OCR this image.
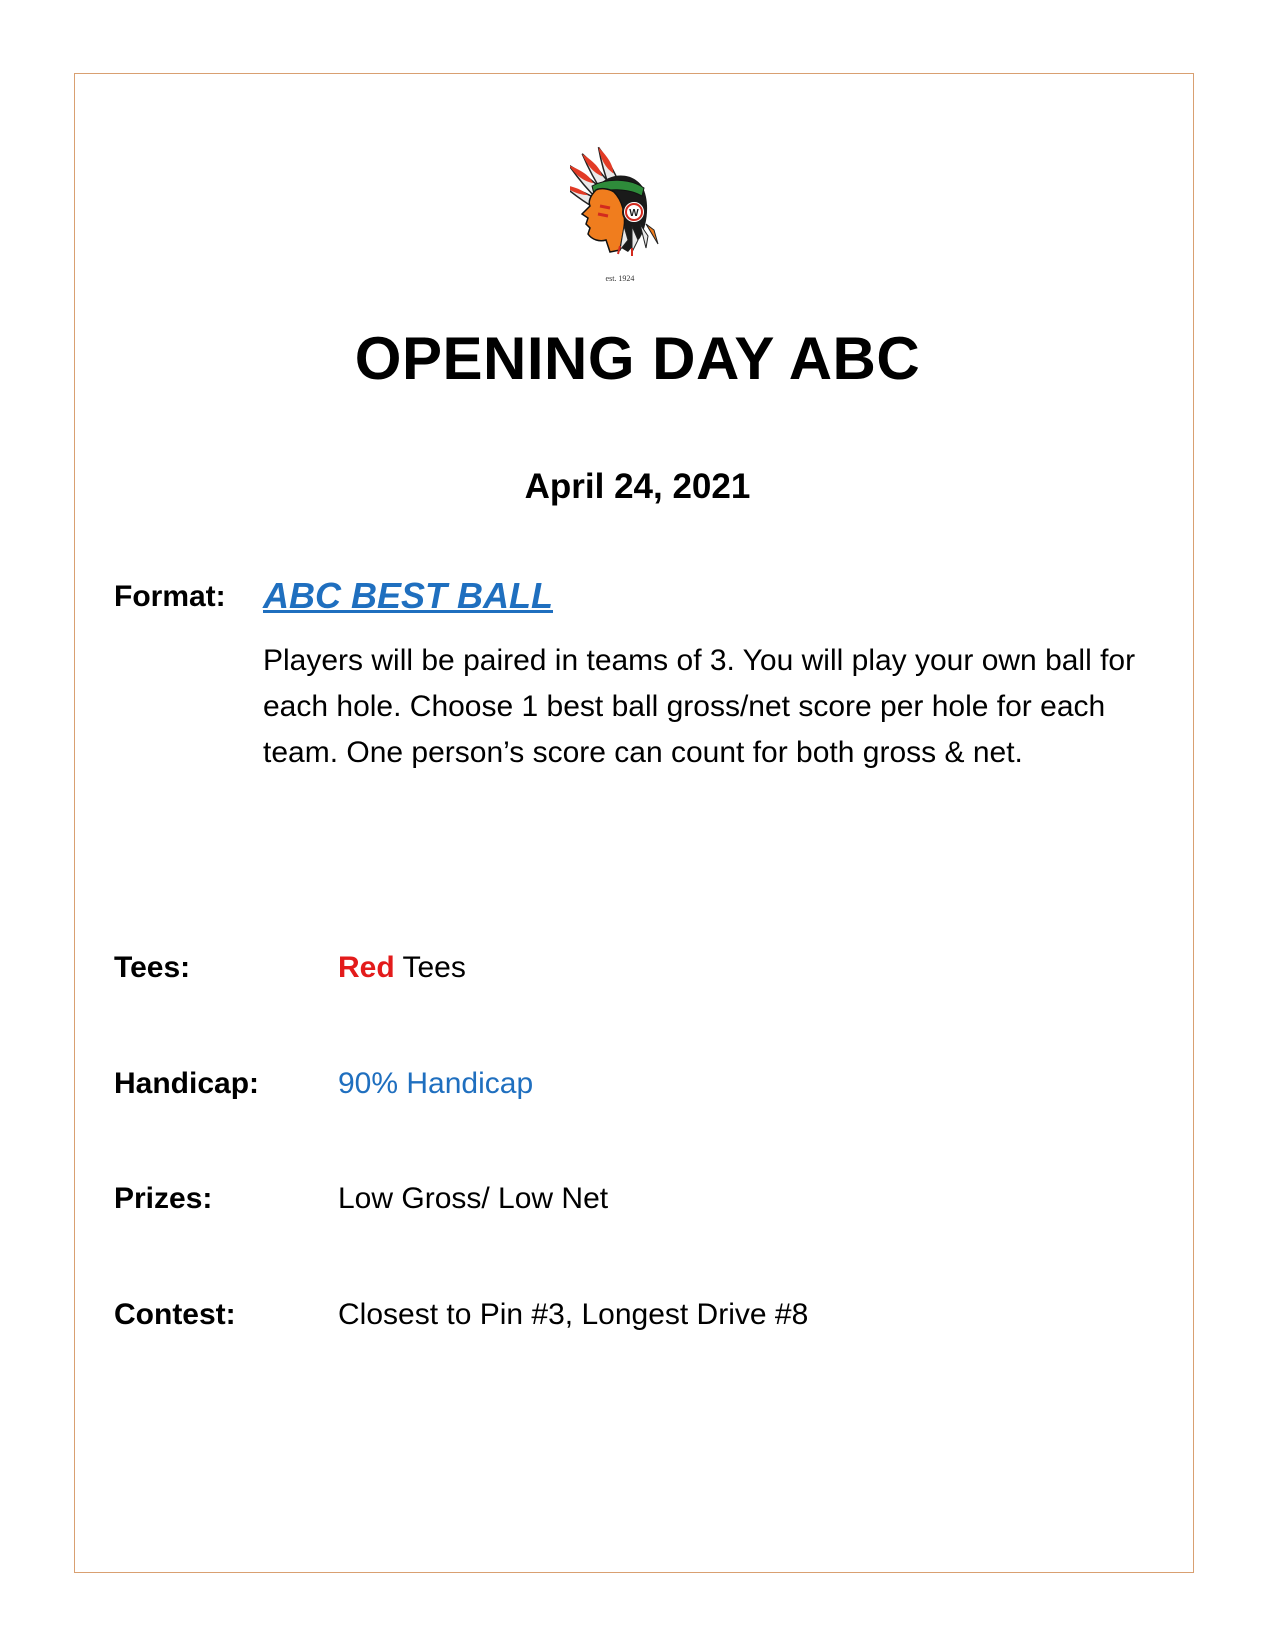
W
est. 1924
OPENING DAY ABC
April 24, 2021
Format: ABC BEST BALL
Players will be paired in teams of 3. You will play your own ball for each hole. Choose 1 best ball gross/net score per hole for each team. One person’s score can count for both gross & net.
Tees:	Red Tees
Handicap:	90% Handicap
Prizes:	Low Gross/ Low Net
Contest:	Closest to Pin #3, Longest Drive #8
